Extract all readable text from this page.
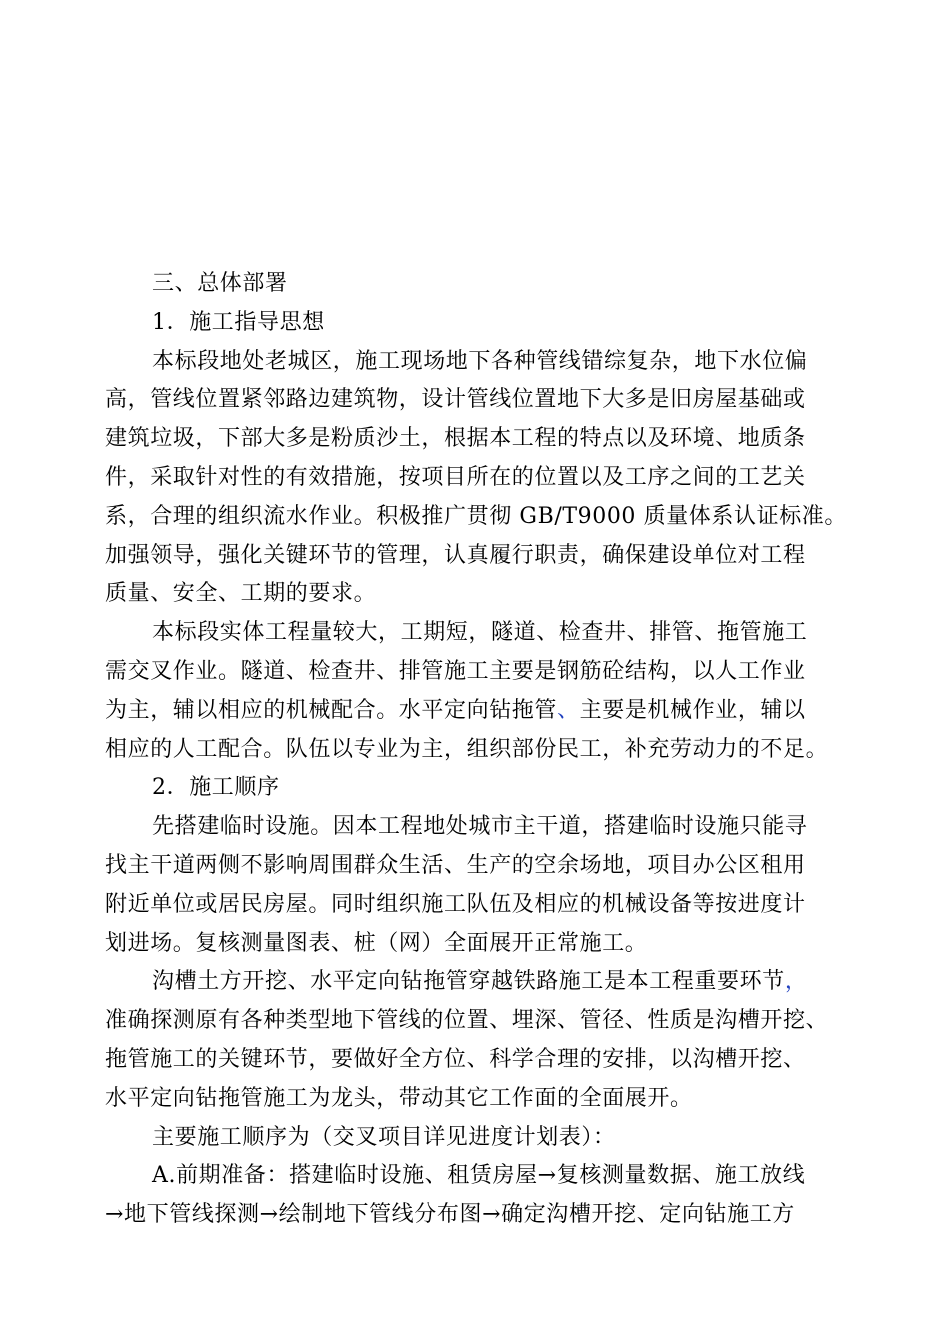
三、总体部署
1．施工指导思想
本标段地处老城区，施工现场地下各种管线错综复杂，地下水位偏
高，管线位置紧邻路边建筑物，设计管线位置地下大多是旧房屋基础或
建筑垃圾，下部大多是粉质沙土，根据本工程的特点以及环境、地质条
件，采取针对性的有效措施，按项目所在的位置以及工序之间的工艺关
系，合理的组织流水作业。积极推广贯彻 GB/T9000 质量体系认证标准。
加强领导，强化关键环节的管理，认真履行职责，确保建设单位对工程
质量、安全、工期的要求。
本标段实体工程量较大，工期短，隧道、检查井、排管、拖管施工
需交叉作业。隧道、检查井、排管施工主要是钢筋砼结构，以人工作业
为主，辅以相应的机械配合。水平定向钻拖管、主要是机械作业，辅以
相应的人工配合。队伍以专业为主，组织部份民工，补充劳动力的不足。
2．施工顺序
先搭建临时设施。因本工程地处城市主干道，搭建临时设施只能寻
找主干道两侧不影响周围群众生活、生产的空余场地，项目办公区租用
附近单位或居民房屋。同时组织施工队伍及相应的机械设备等按进度计
划进场。复核测量图表、桩（网）全面展开正常施工。
沟槽土方开挖、水平定向钻拖管穿越铁路施工是本工程重要环节，
准确探测原有各种类型地下管线的位置、埋深、管径、性质是沟槽开挖、
拖管施工的关键环节，要做好全方位、科学合理的安排，以沟槽开挖、
水平定向钻拖管施工为龙头，带动其它工作面的全面展开。
主要施工顺序为（交叉项目详见进度计划表）：
A.前期准备：搭建临时设施、租赁房屋→复核测量数据、施工放线
→地下管线探测→绘制地下管线分布图→确定沟槽开挖、定向钻施工方
